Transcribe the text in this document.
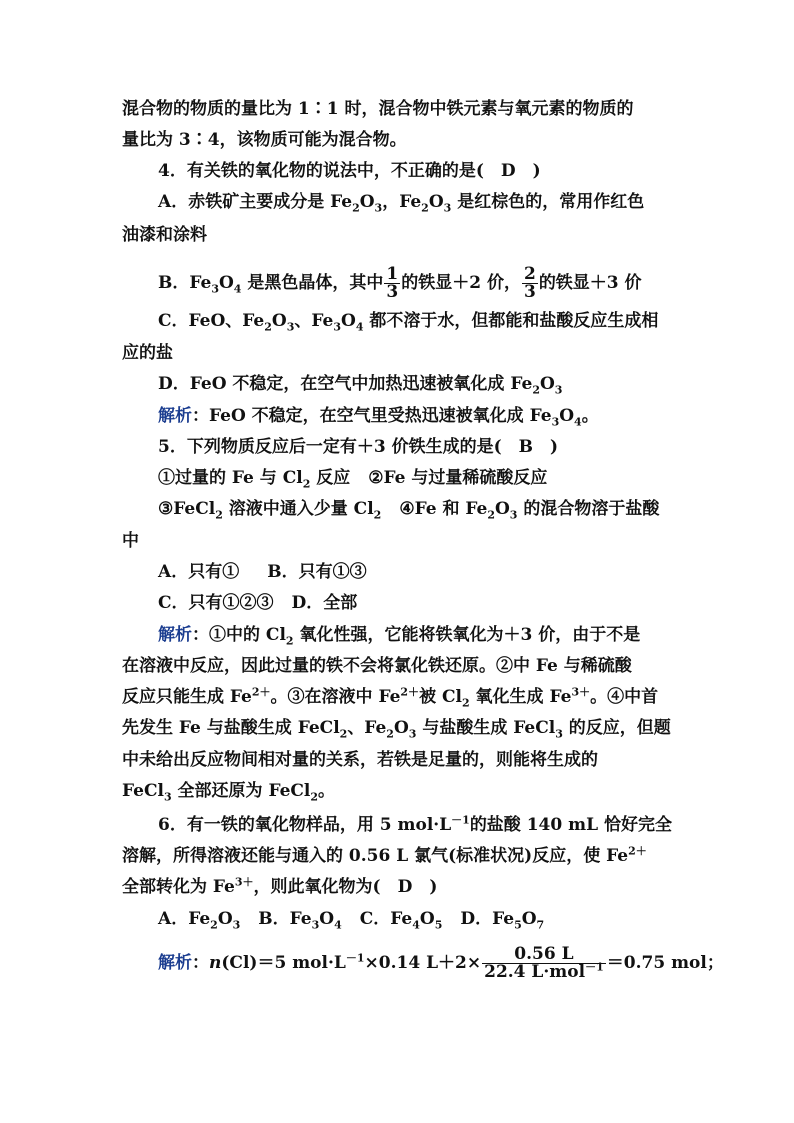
混合物的物质的量比为 1∶1 时，混合物中铁元素与氧元素的物质的
量比为 3∶4，该物质可能为混合物。
4．有关铁的氧化物的说法中，不正确的是(　D　)
A．赤铁矿主要成分是 $Fe_2O_3$，$Fe_2O_3$ 是红棕色的，常用作红色
油漆和涂料
B．$Fe_3O_4$ 是黑色晶体，其中 $\frac{1}{3}$ 的铁显＋2 价， $\frac{2}{3}$ 的铁显＋3 价
C．FeO、$Fe_2O_3$、$Fe_3O_4$ 都不溶于水，但都能和盐酸反应生成相
应的盐
D．FeO 不稳定，在空气中加热迅速被氧化成 $Fe_2O_3$
解析：FeO 不稳定，在空气里受热迅速被氧化成 $Fe_3O_4$。
5．下列物质反应后一定有＋3 价铁生成的是(　B　)
①过量的 Fe 与 $Cl_2$ 反应 ②Fe 与过量稀硫酸反应
③FeCl$_2$ 溶液中通入少量 $Cl_2$ ④Fe 和 $Fe_2O_3$ 的混合物溶于盐酸
中
A．只有① B．只有①③
C．只有①②③ D．全部
解析：①中的 $Cl_2$ 氧化性强，它能将铁氧化为＋3 价，由于不是
在溶液中反应，因此过量的铁不会将氯化铁还原。②中 Fe 与稀硫酸
反应只能生成 $Fe^{2+}$。③在溶液中 $Fe^{2+}$被 $Cl_2$ 氧化生成 $Fe^{3+}$。④中首
先发生 Fe 与盐酸生成 FeCl$_2$、$Fe_2O_3$ 与盐酸生成 FeCl$_3$ 的反应，但题
中未给出反应物间相对量的关系，若铁是足量的，则能将生成的
FeCl$_3$ 全部还原为 FeCl$_2$。
6．有一铁的氧化物样品，用 5 $mol\cdot L^{-1}$的盐酸 140 mL 恰好完全
溶解，所得溶液还能与通入的 0.56 L 氯气(标准状况)反应，使 $Fe^{2+}$
全部转化为 $Fe^{3+}$，则此氧化物为(　D　)
A．$Fe_2O_3$ B．$Fe_3O_4$ C．$Fe_4O_5$ D．$Fe_5O_7$
解析：n(Cl)＝5 $mol\cdot L^{-1}\times 0.14$ $L+2\times \frac{0.56 L}{22.4 L\cdot mol^{-1}} =0.75$ mol；
